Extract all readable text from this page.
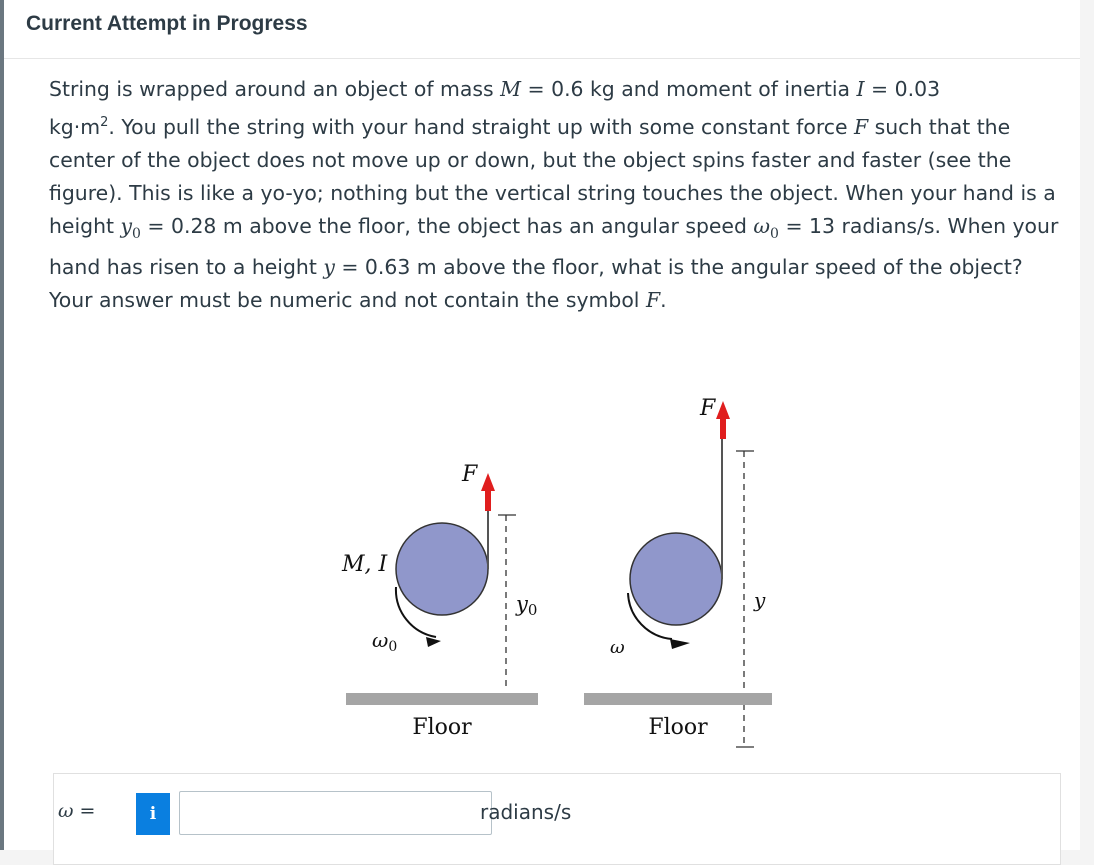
Current Attempt in Progress
String is wrapped around an object of mass M = 0.6 kg and moment of inertia I = 0.03
$kg\cdot m^2$. You pull the string with your hand straight up with some constant force F such that the center of the object does not move up or down, but the object spins faster and faster (see the figure). This is like a yo-yo; nothing but the vertical string touches the object. When your hand is a height $y_0 = 0.28$ m above the floor, the object has an angular speed $\omega_0 = 13$ radians/s. When your hand has risen to a height y = 0.63 m above the floor, what is the angular speed of the object? Your answer must be numeric and not contain the symbol F.
F
M, I
y0
$\omega_0$
Floor
F
y
ω
Floor
ω =	i	radians/s
